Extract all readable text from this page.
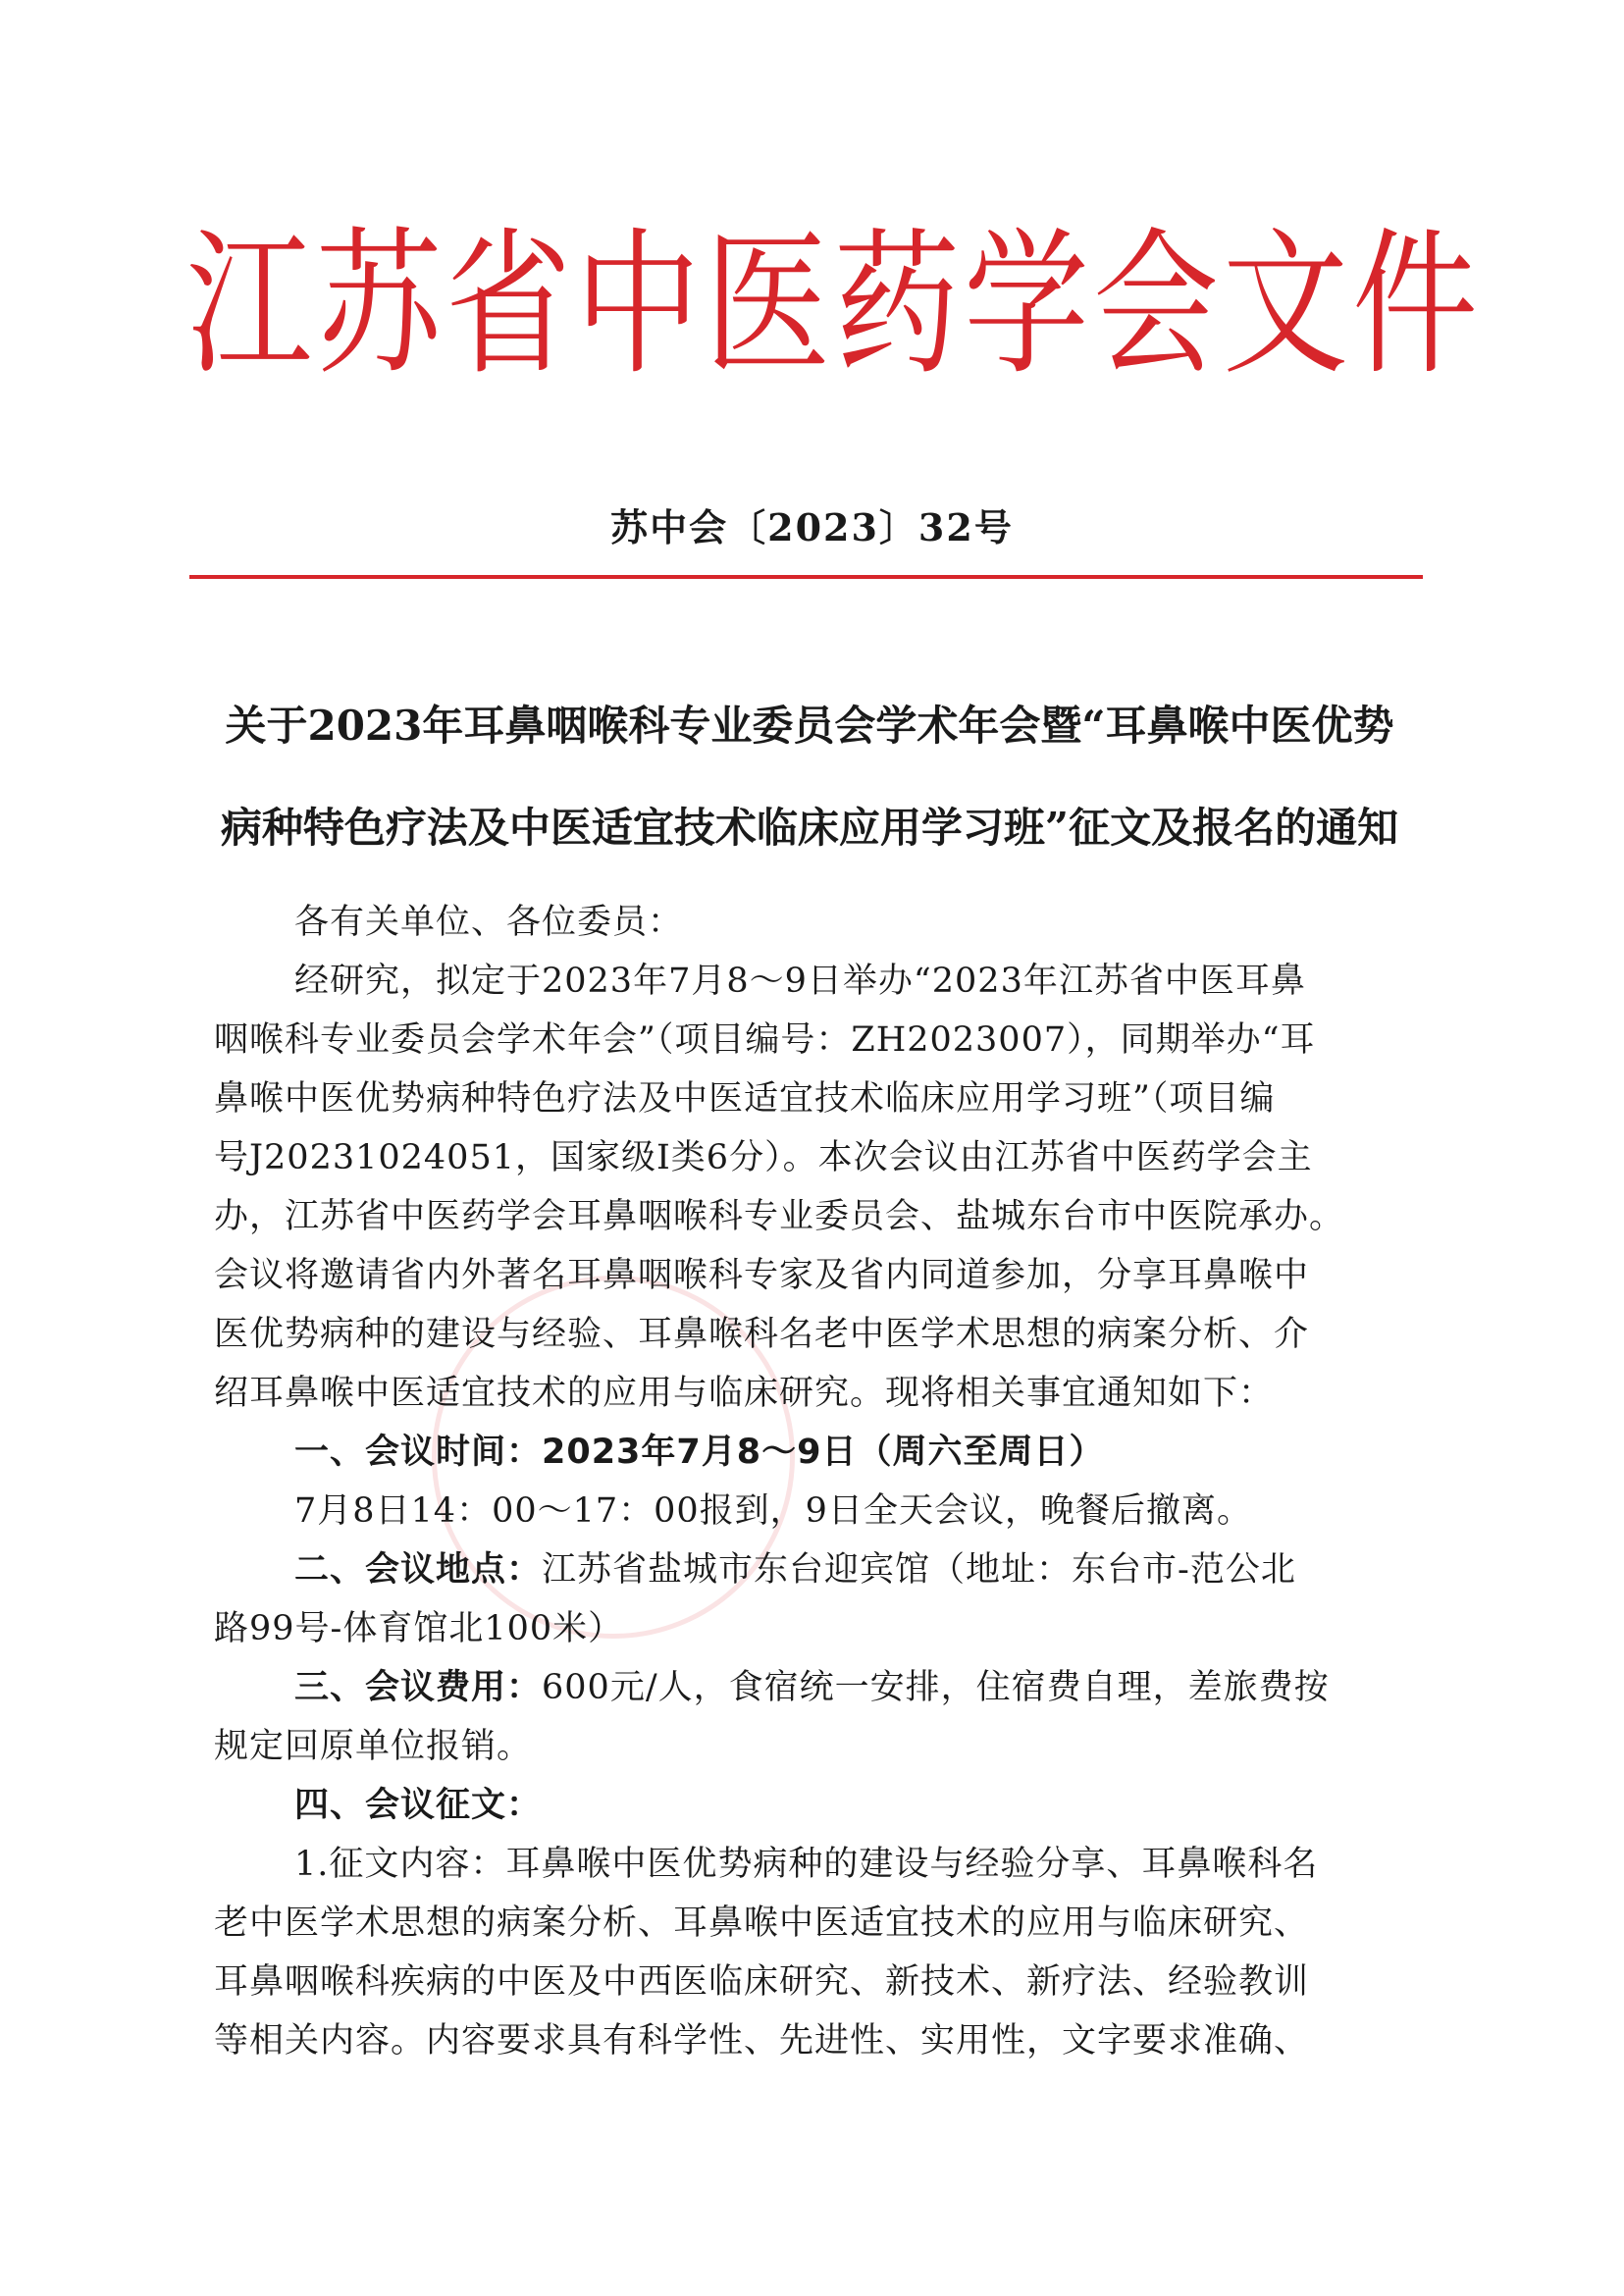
江苏省中医药学会文件
苏中会〔2023〕32号
关于2023年耳鼻咽喉科专业委员会学术年会暨“耳鼻喉中医优势
病种特色疗法及中医适宜技术临床应用学习班”征文及报名的通知
各有关单位、各位委员：
经研究，拟定于2023年7月8～9日举办“2023年江苏省中医耳鼻
咽喉科专业委员会学术年会”（项目编号：ZH2023007），同期举办“耳
鼻喉中医优势病种特色疗法及中医适宜技术临床应用学习班”（项目编
号J20231024051，国家级Ⅰ类6分）。本次会议由江苏省中医药学会主
办，江苏省中医药学会耳鼻咽喉科专业委员会、盐城东台市中医院承办。
会议将邀请省内外著名耳鼻咽喉科专家及省内同道参加，分享耳鼻喉中
医优势病种的建设与经验、耳鼻喉科名老中医学术思想的病案分析、介
绍耳鼻喉中医适宜技术的应用与临床研究。现将相关事宜通知如下：
一、会议时间：2023年7月8～9日（周六至周日）
7月8日14：00～17：00报到，9日全天会议，晚餐后撤离。
二、会议地点：江苏省盐城市东台迎宾馆（地址：东台市-范公北
路99号-体育馆北100米）
三、会议费用：600元/人，食宿统一安排，住宿费自理，差旅费按
规定回原单位报销。
四、会议征文：
1.征文内容：耳鼻喉中医优势病种的建设与经验分享、耳鼻喉科名
老中医学术思想的病案分析、耳鼻喉中医适宜技术的应用与临床研究、
耳鼻咽喉科疾病的中医及中西医临床研究、新技术、新疗法、经验教训
等相关内容。内容要求具有科学性、先进性、实用性，文字要求准确、
